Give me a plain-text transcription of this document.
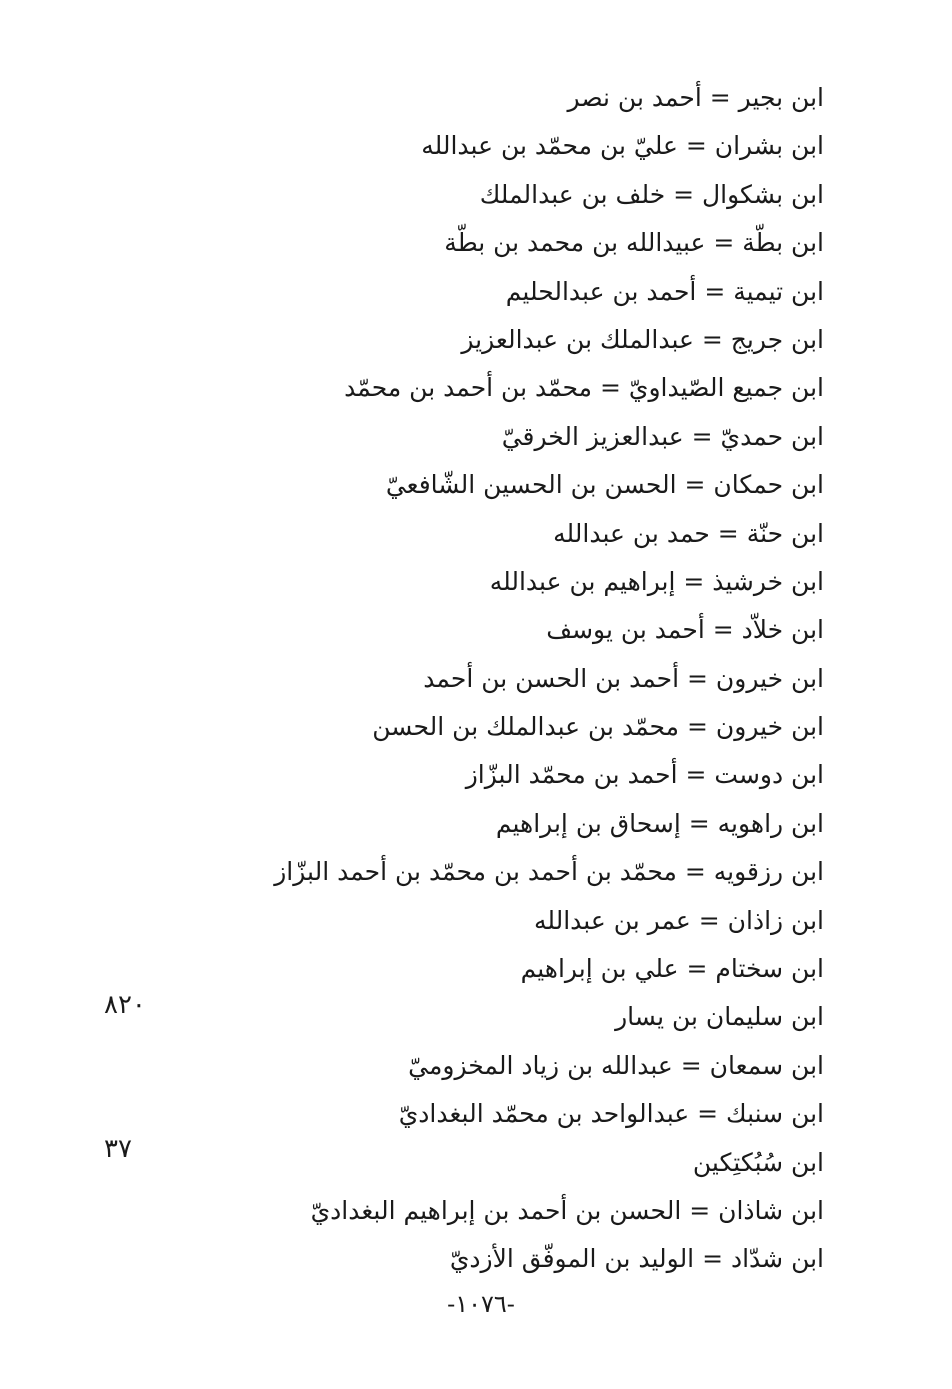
ابن بجير = أحمد بن نصر
ابن بشران = عليّ بن محمّد بن عبدالله
ابن بشكوال = خلف بن عبدالملك
ابن بطّة = عبيدالله بن محمد بن بطّة
ابن تيمية = أحمد بن عبدالحليم
ابن جريج = عبدالملك بن عبدالعزيز
ابن جميع الصّيداويّ = محمّد بن أحمد بن محمّد
ابن حمديّ = عبدالعزيز الخرقيّ
ابن حمكان = الحسن بن الحسين الشّافعيّ
ابن حنّة = حمد بن عبدالله
ابن خرشيذ = إبراهيم بن عبدالله
ابن خلاّد = أحمد بن يوسف
ابن خيرون = أحمد بن الحسن بن أحمد
ابن خيرون = محمّد بن عبدالملك بن الحسن
ابن دوست = أحمد بن محمّد البزّاز
ابن راهويه = إسحاق بن إبراهيم
ابن رزقويه = محمّد بن أحمد بن محمّد بن أحمد البزّاز
ابن زاذان = عمر بن عبدالله
ابن سختام = علي بن إبراهيم
ابن سليمان بن يسار
ابن سمعان = عبدالله بن زياد المخزوميّ
ابن سنبك = عبدالواحد بن محمّد البغداديّ
ابن سُبُكتِكين
ابن شاذان = الحسن بن أحمد بن إبراهيم البغداديّ
ابن شدّاد = الوليد بن الموفّق الأزديّ
٨٢٠
٣٧
-١٠٧٦-
